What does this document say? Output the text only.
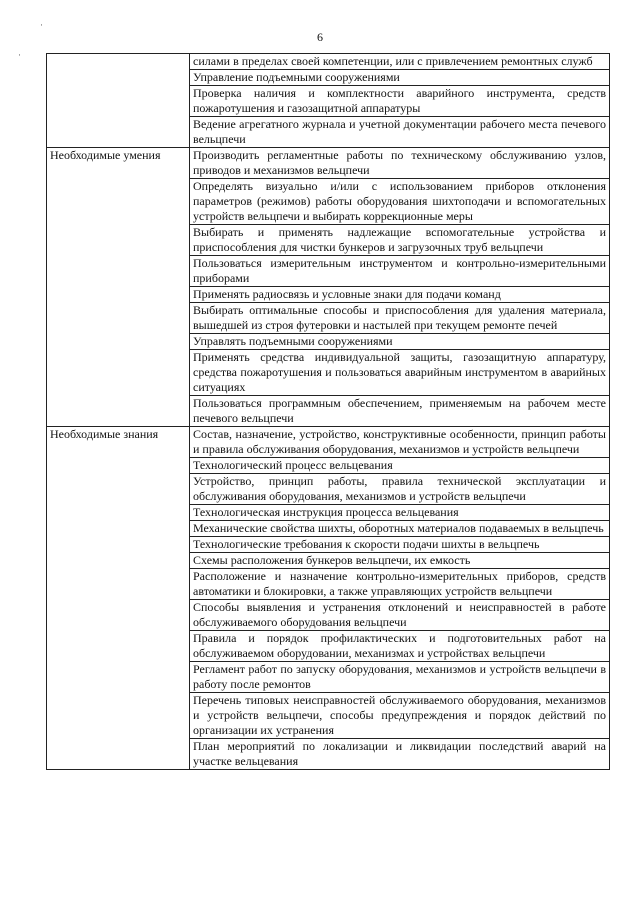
6
·
·
		силами в пределах своей компетенции, или с привлечением ремонтных служб
	Управление подъемными сооружениями
	Проверка наличия и комплектности аварийного инструмента, средств пожаротушения и газозащитной аппаратуры
	Ведение агрегатного журнала и учетной документации рабочего места печевого вельцпечи
Необходимые умения	Производить регламентные работы по техническому обслуживанию узлов, приводов и механизмов вельцпечи
	Определять визуально и/или с использованием приборов отклонения параметров (режимов) работы оборудования шихтоподачи и вспомогательных устройств вельцпечи и выбирать коррекционные меры
	Выбирать и применять надлежащие вспомогательные устройства и приспособления для чистки бункеров и загрузочных труб вельцпечи
	Пользоваться измерительным инструментом и контрольно-измерительными приборами
	Применять радиосвязь и условные знаки для подачи команд
	Выбирать оптимальные способы и приспособления для удаления материала, вышедшей из строя футеровки и настылей при текущем ремонте печей
	Управлять подъемными сооружениями
	Применять средства индивидуальной защиты, газозащитную аппаратуру, средства пожаротушения и пользоваться аварийным инструментом в аварийных ситуациях
	Пользоваться программным обеспечением, применяемым на рабочем месте печевого вельцпечи
Необходимые знания	Состав, назначение, устройство, конструктивные особенности, принцип работы и правила обслуживания оборудования, механизмов и устройств вельцпечи
	Технологический процесс вельцевания
	Устройство, принцип работы, правила технической эксплуатации и обслуживания оборудования, механизмов и устройств вельцпечи
	Технологическая инструкция процесса вельцевания
	Механические свойства шихты, оборотных материалов подаваемых в вельцпечь
	Технологические требования к скорости подачи шихты в вельцпечь
	Схемы расположения бункеров вельцпечи, их емкость
	Расположение и назначение контрольно-измерительных приборов, средств автоматики и блокировки, а также управляющих устройств вельцпечи
	Способы выявления и устранения отклонений и неисправностей в работе обслуживаемого оборудования вельцпечи
	Правила и порядок профилактических и подготовительных работ на обслуживаемом оборудовании, механизмах и устройствах вельцпечи
	Регламент работ по запуску оборудования, механизмов и устройств вельцпечи в работу после ремонтов
	Перечень типовых неисправностей обслуживаемого оборудования, механизмов и устройств вельцпечи, способы предупреждения и порядок действий по организации их устранения
	План мероприятий по локализации и ликвидации последствий аварий на участке вельцевания
